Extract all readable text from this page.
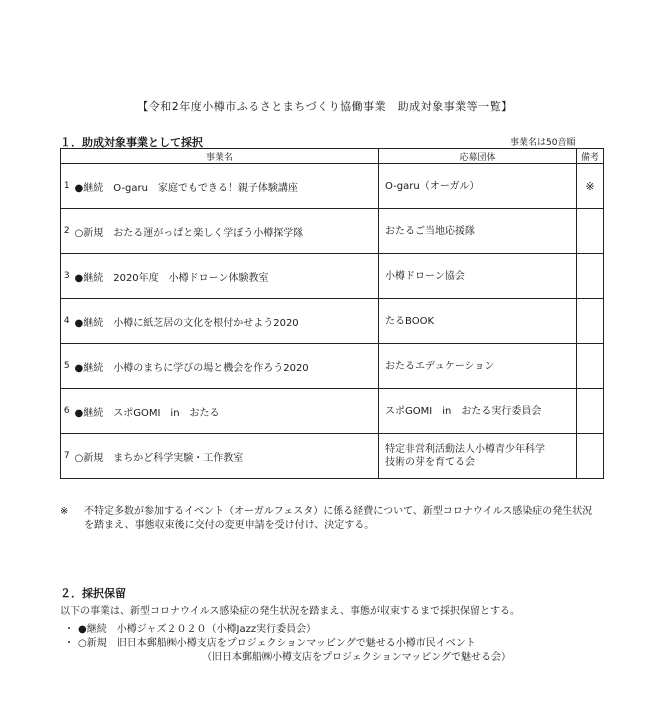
【令和2年度小樽市ふるさとまちづくり協働事業　助成対象事業等一覧】
１．助成対象事業として採択	事業名は50音順
事業名		応募団体	備考
1	●継続　O-garu　家庭でもできる！親子体験講座	O-garu（オーガル）	※
2	○新規　おたる運がっぱと楽しく学ぼう小樽探学隊	おたるご当地応援隊	

3	●継続　2020年度　小樽ドローン体験教室	小樽ドローン協会	

4	●継続　小樽に紙芝居の文化を根付かせよう2020	たるBOOK	

5	●継続　小樽のまちに学びの場と機会を作ろう2020	おたるエデュケーション	

6	●継続　スポGOMI　in　おたる	スポGOMI　in　おたる実行委員会	

7	○新規　まちかど科学実験・工作教室	特定非営利活動法人小樽青少年科学
技術の芽を育てる会	

※ 不特定多数が参加するイベント（オーガルフェスタ）に係る経費について、新型コロナウイルス感染症の発生状況を踏まえ、事態収束後に交付の変更申請を受け付け、決定する。
２．採択保留
以下の事業は、新型コロナウイルス感染症の発生状況を踏まえ、事態が収束するまで採択保留とする。
・ ●継続　小樽ジャズ２０２０（小樽Jazz実行委員会）
・ ○新規　旧日本郵船㈱小樽支店をプロジェクションマッピングで魅せる小樽市民イベント
（旧日本郵船㈱小樽支店をプロジェクションマッピングで魅せる会）
